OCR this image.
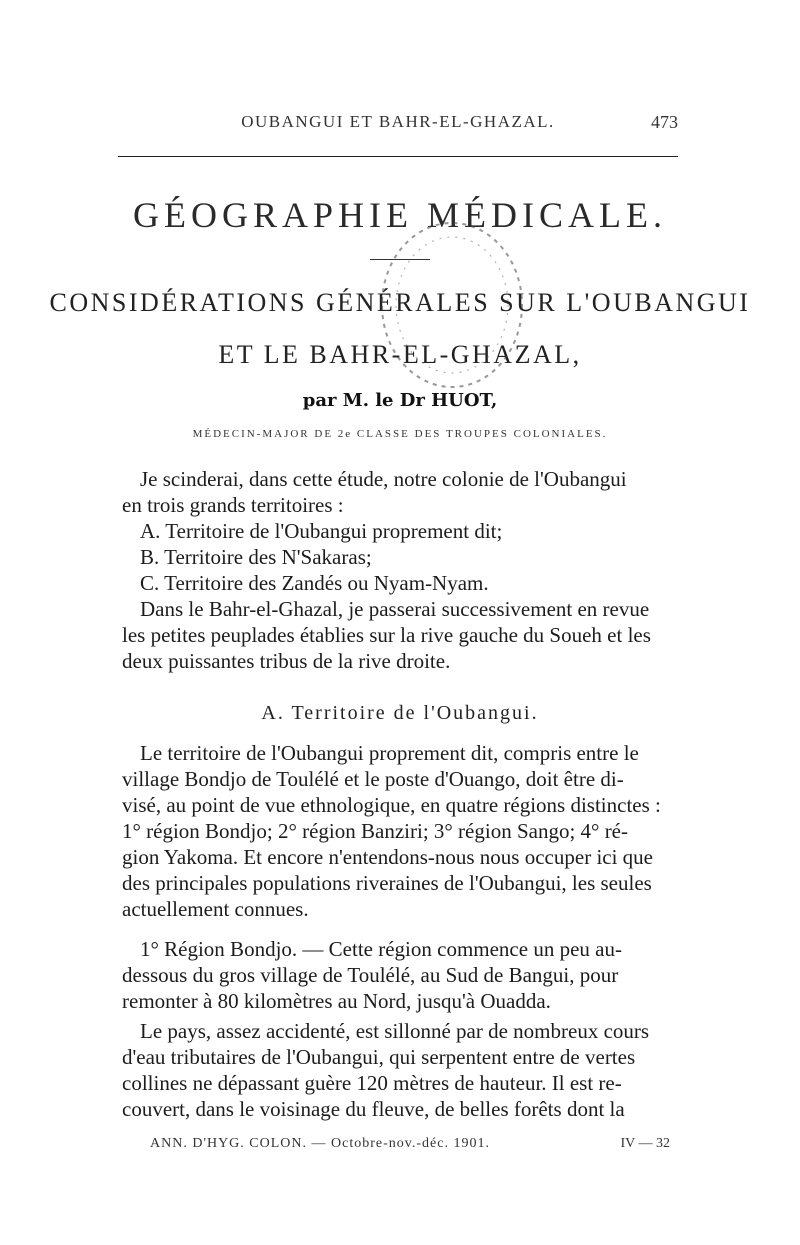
OUBANGUI ET BAHR-EL-GHAZAL.	473
GÉOGRAPHIE MÉDICALE.
CONSIDÉRATIONS GÉNÉRALES SUR L'OUBANGUI
ET LE BAHR-EL-GHAZAL,
par M. le Dr HUOT,
MÉDECIN-MAJOR DE 2e CLASSE DES TROUPES COLONIALES.
Je scinderai, dans cette étude, notre colonie de l'Oubangui
en trois grands territoires :
A. Territoire de l'Oubangui proprement dit;
B. Territoire des N'Sakaras;
C. Territoire des Zandés ou Nyam-Nyam.
Dans le Bahr-el-Ghazal, je passerai successivement en revue
les petites peuplades établies sur la rive gauche du Soueh et les
deux puissantes tribus de la rive droite.
A. Territoire de l'Oubangui.
Le territoire de l'Oubangui proprement dit, compris entre le
village Bondjo de Toulélé et le poste d'Ouango, doit être di-
visé, au point de vue ethnologique, en quatre régions distinctes :
1° région Bondjo; 2° région Banziri; 3° région Sango; 4° ré-
gion Yakoma. Et encore n'entendons-nous nous occuper ici que
des principales populations riveraines de l'Oubangui, les seules
actuellement connues.
1° Région Bondjo. — Cette région commence un peu au-
dessous du gros village de Toulélé, au Sud de Bangui, pour
remonter à 80 kilomètres au Nord, jusqu'à Ouadda.
Le pays, assez accidenté, est sillonné par de nombreux cours
d'eau tributaires de l'Oubangui, qui serpentent entre de vertes
collines ne dépassant guère 120 mètres de hauteur. Il est re-
couvert, dans le voisinage du fleuve, de belles forêts dont la
ANN. D'HYG. COLON. — Octobre-nov.-déc. 1901.	IV — 32
